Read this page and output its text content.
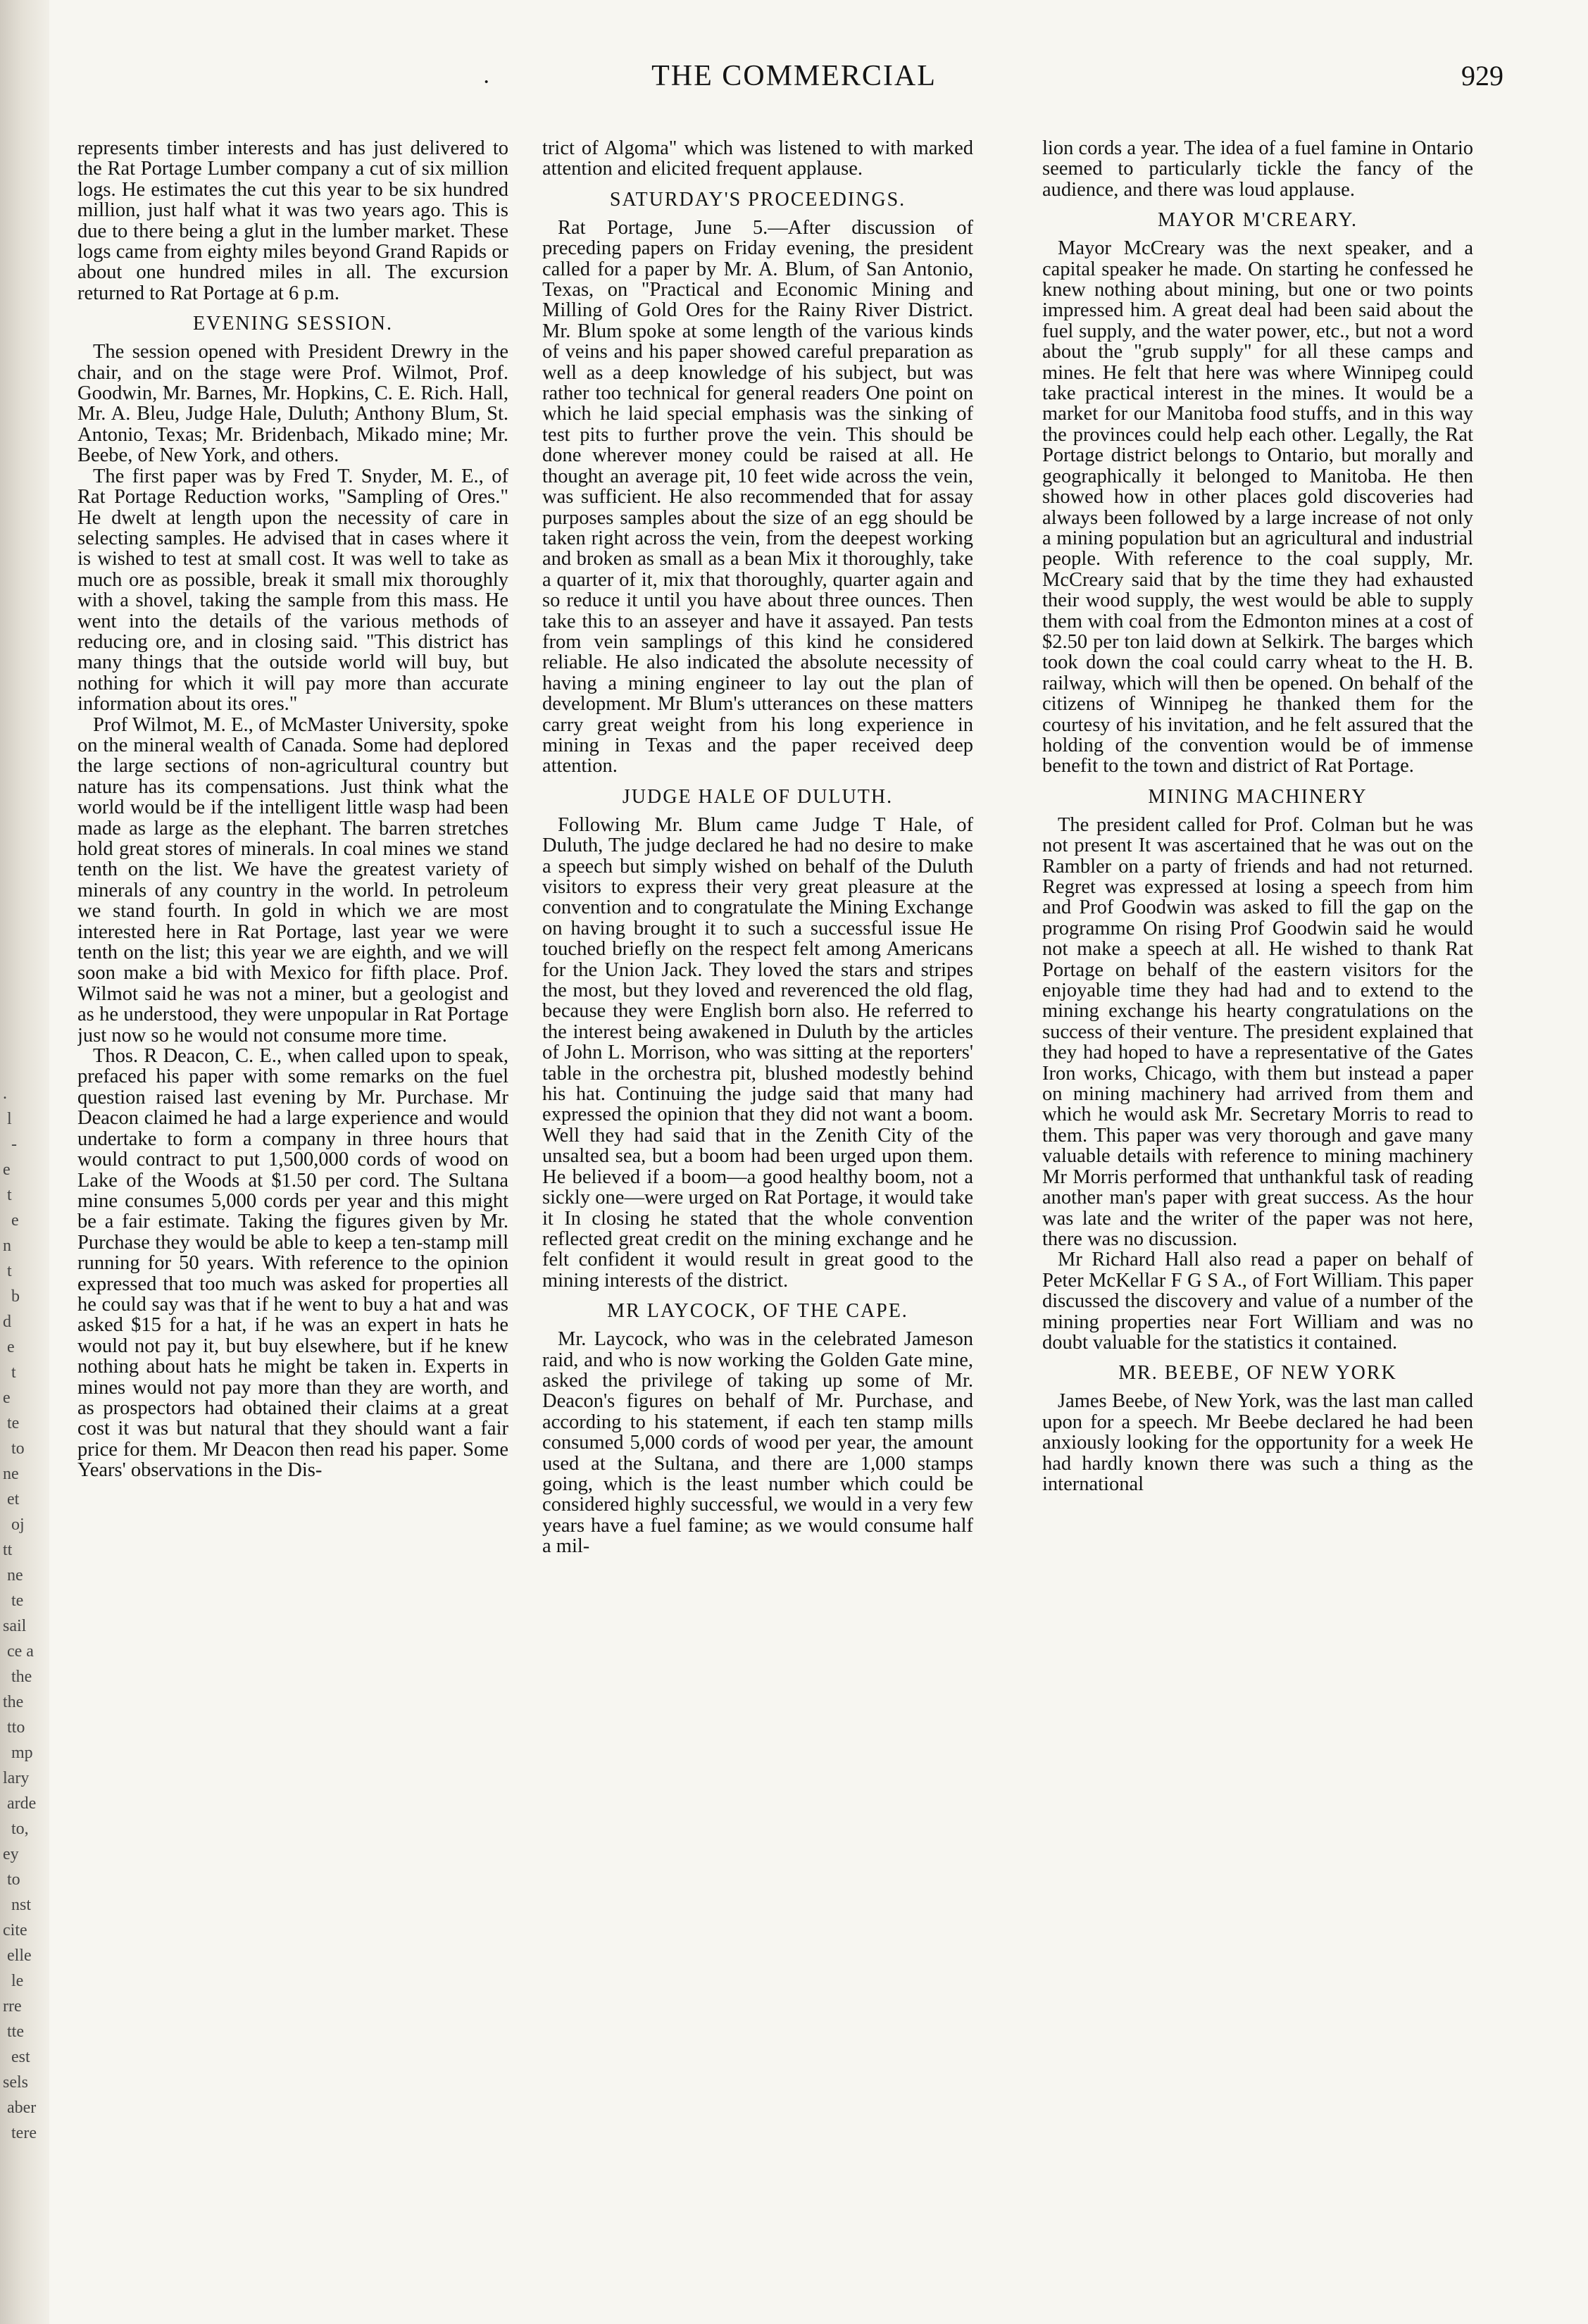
.
l
-
e
t
e
n
t
b
d
e
t
e
te
to
ne
et
oj
tt
ne
te
sail
ce a
the
the
tto
mp
lary
arde
to,
ey
to
nst
cite
elle
le
rre
tte
est
sels
aber
tere
·	THE COMMERCIAL	929

represents timber interests and has just delivered to the Rat Portage Lumber company a cut of six million logs. He estimates the cut this year to be six hundred million, just half what it was two years ago. This is due to there being a glut in the lumber market. These logs came from eighty miles beyond Grand Rapids or about one hundred miles in all. The excursion returned to Rat Portage at 6 p.m.

EVENING SESSION.

The session opened with President Drewry in the chair, and on the stage were Prof. Wilmot, Prof. Goodwin, Mr. Barnes, Mr. Hopkins, C. E. Rich. Hall, Mr. A. Bleu, Judge Hale, Duluth; Anthony Blum, St. Antonio, Texas; Mr. Bridenbach, Mikado mine; Mr. Beebe, of New York, and others.

The first paper was by Fred T. Snyder, M. E., of Rat Portage Reduction works, "Sampling of Ores." He dwelt at length upon the necessity of care in selecting samples. He advised that in cases where it is wished to test at small cost. It was well to take as much ore as possible, break it small mix thoroughly with a shovel, taking the sample from this mass. He went into the details of the various methods of reducing ore, and in closing said. "This district has many things that the outside world will buy, but nothing for which it will pay more than accurate information about its ores."

Prof Wilmot, M. E., of McMaster University, spoke on the mineral wealth of Canada. Some had deplored the large sections of non-agricultural country but nature has its compensations. Just think what the world would be if the intelligent little wasp had been made as large as the elephant. The barren stretches hold great stores of minerals. In coal mines we stand tenth on the list. We have the greatest variety of minerals of any country in the world. In petroleum we stand fourth. In gold in which we are most interested here in Rat Portage, last year we were tenth on the list; this year we are eighth, and we will soon make a bid with Mexico for fifth place. Prof. Wilmot said he was not a miner, but a geologist and as he understood, they were unpopular in Rat Portage just now so he would not consume more time.

Thos. R Deacon, C. E., when called upon to speak, prefaced his paper with some remarks on the fuel question raised last evening by Mr. Purchase. Mr Deacon claimed he had a large experience and would undertake to form a company in three hours that would contract to put 1,500,000 cords of wood on Lake of the Woods at $1.50 per cord. The Sultana mine consumes 5,000 cords per year and this might be a fair estimate. Taking the figures given by Mr. Purchase they would be able to keep a ten-stamp mill running for 50 years. With reference to the opinion expressed that too much was asked for properties all he could say was that if he went to buy a hat and was asked $15 for a hat, if he was an expert in hats he would not pay it, but buy elsewhere, but if he knew nothing about hats he might be taken in. Experts in mines would not pay more than they are worth, and as prospectors had obtained their claims at a great cost it was but natural that they should want a fair price for them. Mr Deacon then read his paper. Some Years' observations in the Dis-

trict of Algoma" which was listened to with marked attention and elicited frequent applause.

SATURDAY'S PROCEEDINGS.

Rat Portage, June 5.—After discussion of preceding papers on Friday evening, the president called for a paper by Mr. A. Blum, of San Antonio, Texas, on "Practical and Economic Mining and Milling of Gold Ores for the Rainy River District. Mr. Blum spoke at some length of the various kinds of veins and his paper showed careful preparation as well as a deep knowledge of his subject, but was rather too technical for general readers One point on which he laid special emphasis was the sinking of test pits to further prove the vein. This should be done wherever money could be raised at all. He thought an average pit, 10 feet wide across the vein, was sufficient. He also recommended that for assay purposes samples about the size of an egg should be taken right across the vein, from the deepest working and broken as small as a bean Mix it thoroughly, take a quarter of it, mix that thoroughly, quarter again and so reduce it until you have about three ounces. Then take this to an asseyer and have it assayed. Pan tests from vein samplings of this kind he considered reliable. He also indicated the absolute necessity of having a mining engineer to lay out the plan of development. Mr Blum's utterances on these matters carry great weight from his long experience in mining in Texas and the paper received deep attention.

JUDGE HALE OF DULUTH.

Following Mr. Blum came Judge T Hale, of Duluth, The judge declared he had no desire to make a speech but simply wished on behalf of the Duluth visitors to express their very great pleasure at the convention and to congratulate the Mining Exchange on having brought it to such a successful issue He touched briefly on the respect felt among Americans for the Union Jack. They loved the stars and stripes the most, but they loved and reverenced the old flag, because they were English born also. He referred to the interest being awakened in Duluth by the articles of John L. Morrison, who was sitting at the reporters' table in the orchestra pit, blushed modestly behind his hat. Continuing the judge said that many had expressed the opinion that they did not want a boom. Well they had said that in the Zenith City of the unsalted sea, but a boom had been urged upon them. He believed if a boom—a good healthy boom, not a sickly one—were urged on Rat Portage, it would take it In closing he stated that the whole convention reflected great credit on the mining exchange and he felt confident it would result in great good to the mining interests of the district.

MR LAYCOCK, OF THE CAPE.

Mr. Laycock, who was in the celebrated Jameson raid, and who is now working the Golden Gate mine, asked the privilege of taking up some of Mr. Deacon's figures on behalf of Mr. Purchase, and according to his statement, if each ten stamp mills consumed 5,000 cords of wood per year, the amount used at the Sultana, and there are 1,000 stamps going, which is the least number which could be considered highly successful, we would in a very few years have a fuel famine; as we would consume half a mil-

lion cords a year. The idea of a fuel famine in Ontario seemed to particularly tickle the fancy of the audience, and there was loud applause.

MAYOR M'CREARY.

Mayor McCreary was the next speaker, and a capital speaker he made. On starting he confessed he knew nothing about mining, but one or two points impressed him. A great deal had been said about the fuel supply, and the water power, etc., but not a word about the "grub supply" for all these camps and mines. He felt that here was where Winnipeg could take practical interest in the mines. It would be a market for our Manitoba food stuffs, and in this way the provinces could help each other. Legally, the Rat Portage district belongs to Ontario, but morally and geographically it belonged to Manitoba. He then showed how in other places gold discoveries had always been followed by a large increase of not only a mining population but an agricultural and industrial people. With reference to the coal supply, Mr. McCreary said that by the time they had exhausted their wood supply, the west would be able to supply them with coal from the Edmonton mines at a cost of $2.50 per ton laid down at Selkirk. The barges which took down the coal could carry wheat to the H. B. railway, which will then be opened. On behalf of the citizens of Winnipeg he thanked them for the courtesy of his invitation, and he felt assured that the holding of the convention would be of immense benefit to the town and district of Rat Portage.

MINING MACHINERY

The president called for Prof. Colman but he was not present It was ascertained that he was out on the Rambler on a party of friends and had not returned. Regret was expressed at losing a speech from him and Prof Goodwin was asked to fill the gap on the programme On rising Prof Goodwin said he would not make a speech at all. He wished to thank Rat Portage on behalf of the eastern visitors for the enjoyable time they had had and to extend to the mining exchange his hearty congratulations on the success of their venture. The president explained that they had hoped to have a representative of the Gates Iron works, Chicago, with them but instead a paper on mining machinery had arrived from them and which he would ask Mr. Secretary Morris to read to them. This paper was very thorough and gave many valuable details with reference to mining machinery Mr Morris performed that unthankful task of reading another man's paper with great success. As the hour was late and the writer of the paper was not here, there was no discussion.

Mr Richard Hall also read a paper on behalf of Peter McKellar F G S A., of Fort William. This paper discussed the discovery and value of a number of the mining properties near Fort William and was no doubt valuable for the statistics it contained.

MR. BEEBE, OF NEW YORK

James Beebe, of New York, was the last man called upon for a speech. Mr Beebe declared he had been anxiously looking for the opportunity for a week He had hardly known there was such a thing as the international
